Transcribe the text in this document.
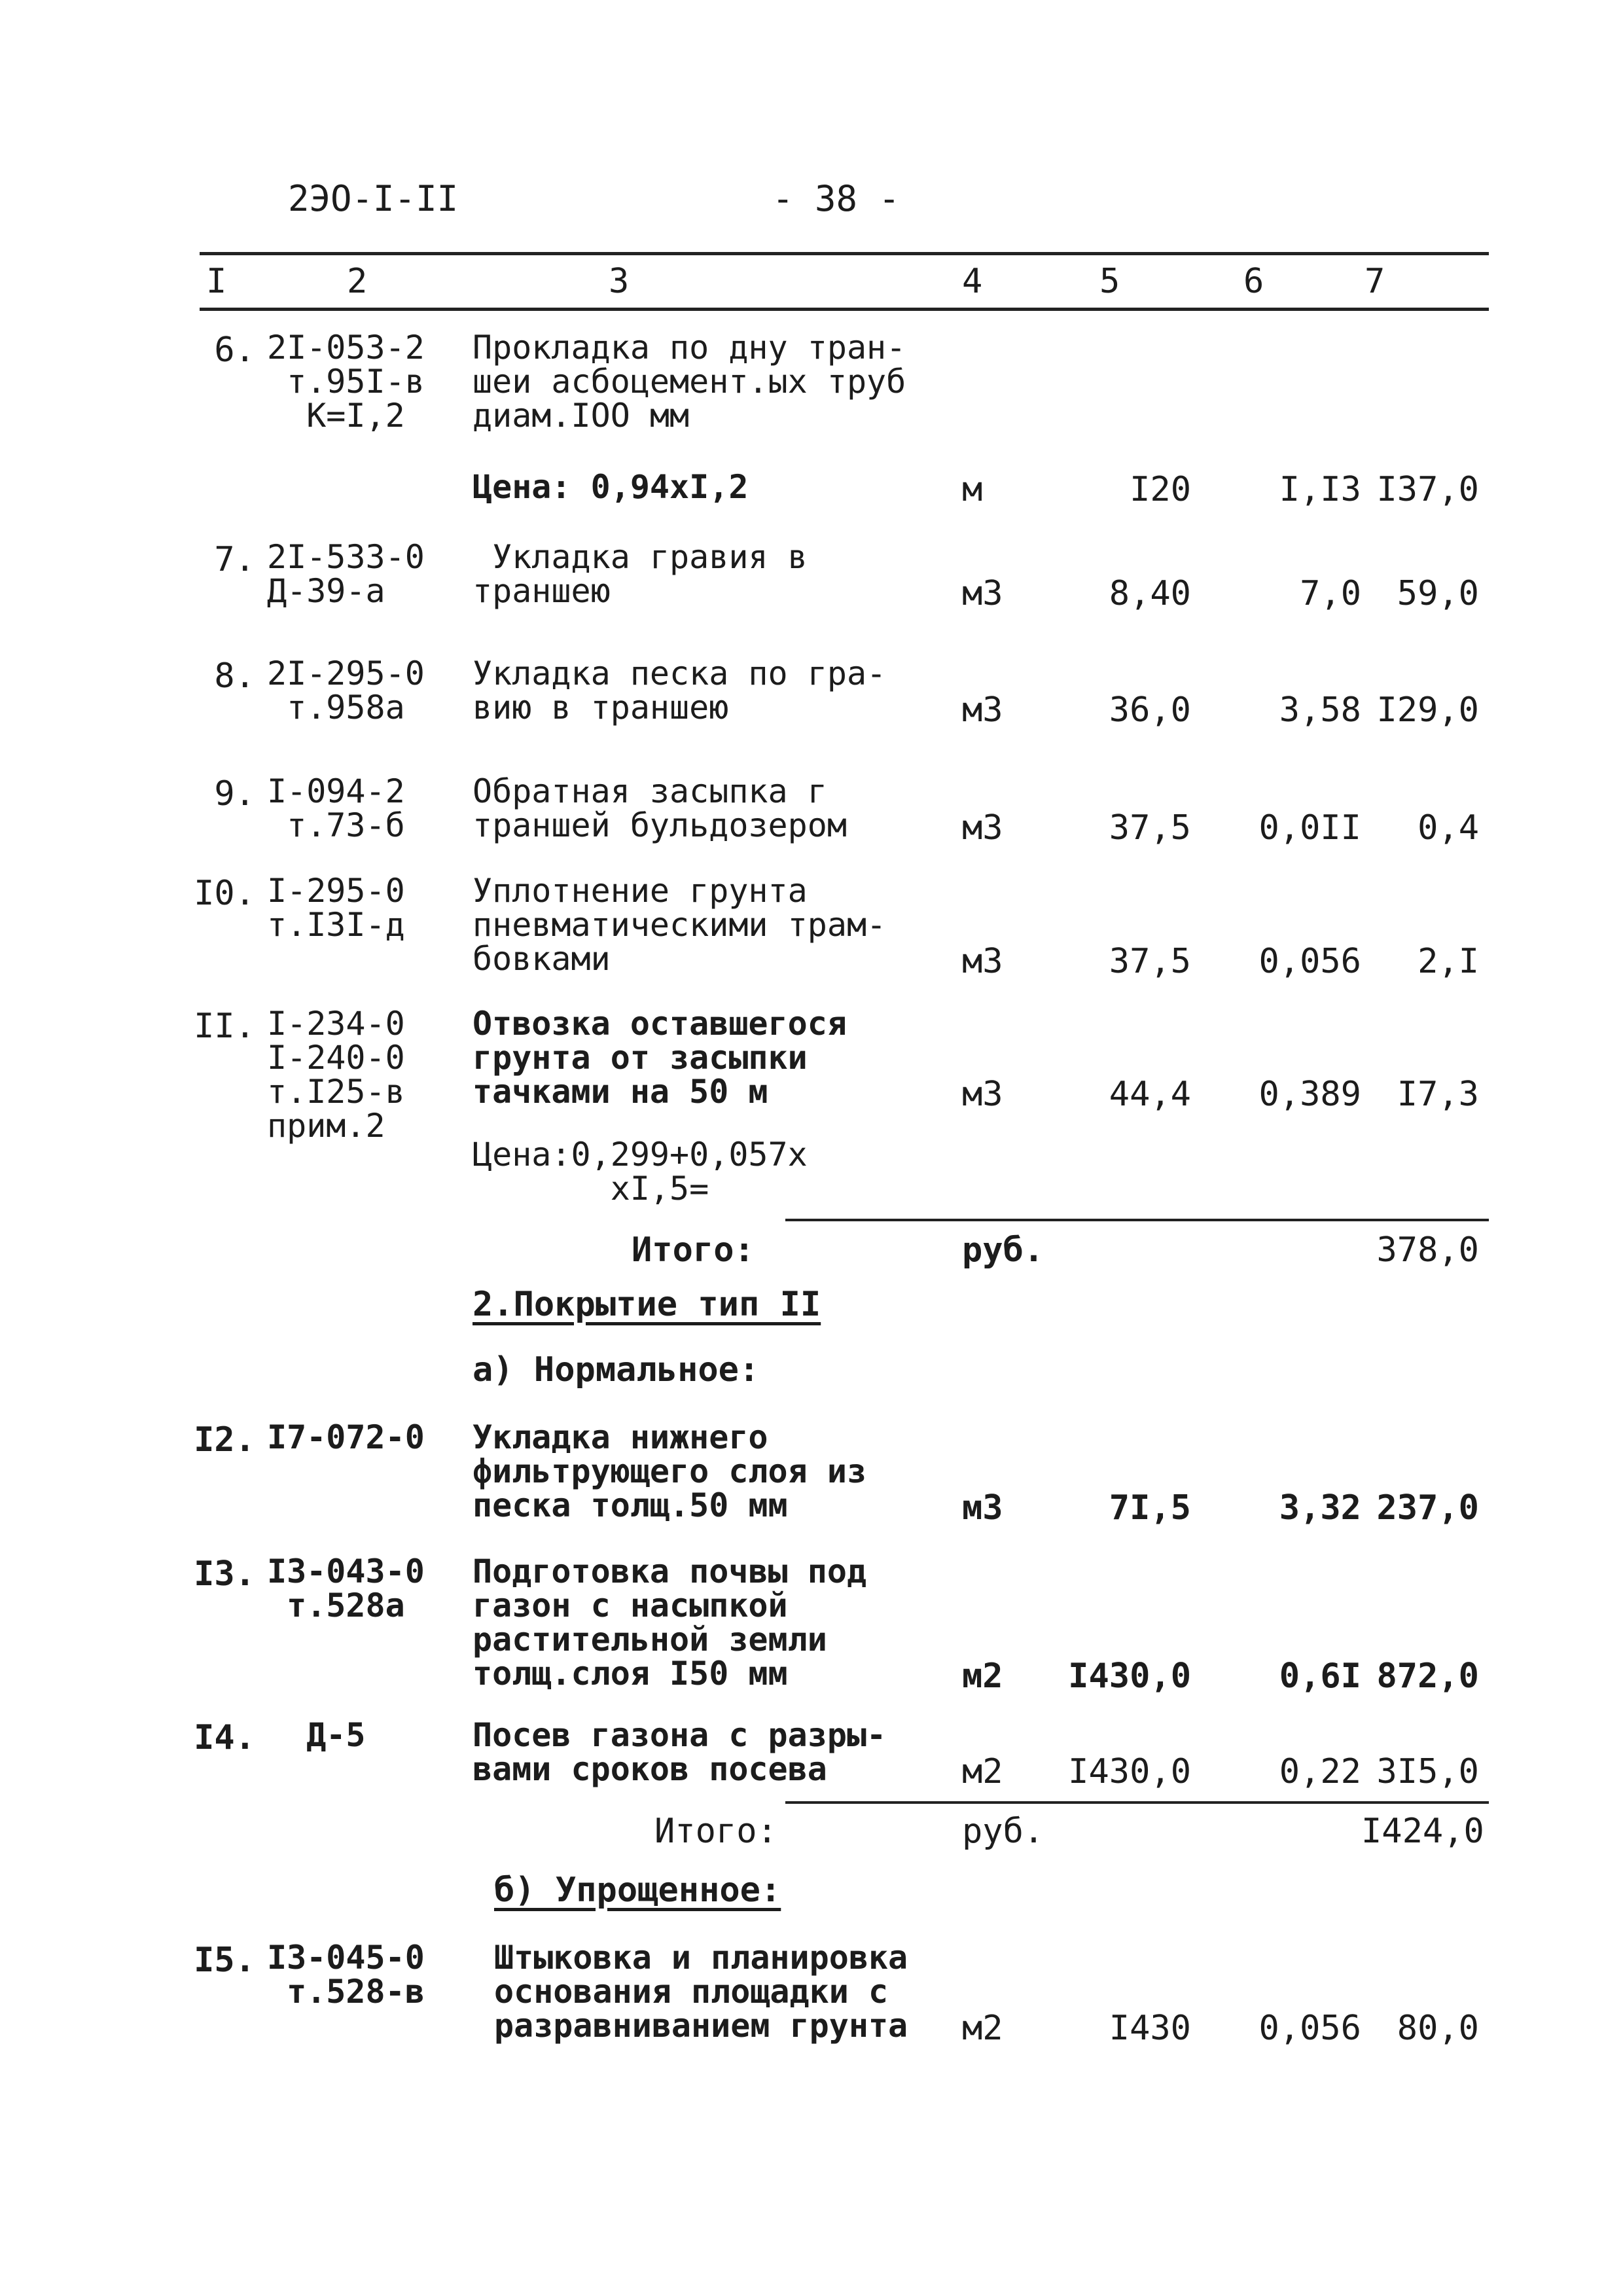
2ЭО-I-II	- 38 -
I	2	3	4	5	6	7
6. 2I-053-2
т.95I-в
К=I,2
Прокладка по дну тран-
шеи асбоцемент.ых труб
диам.IOO мм
Цена: 0,94xI,2	м	I20	I,I3 I37,0
7. 2I-533-0
Д-39-а
Укладка гравия в
траншею	м3	8,40	7,0	59,0
8. 2I-295-0
т.958а
Укладка песка по гра-
вию в траншею	м3	36,0	3,58 I29,0
9. I-094-2
т.73-б
Обратная засыпка г
траншей бульдозером	м3	37,5	0,0II	0,4
I0. I-295-0
т.I3I-д
Уплотнение грунта
пневматическими трам-
бовками	м3	37,5	0,056	2,I
II. I-234-0
I-240-0
т.I25-в
прим.2
Отвозка оставшегося
грунта от засыпки
тачками на 50 м	м3	44,4	0,389	I7,3
Цена:0,299+0,057x
xI,5=
Итого:	руб.	378,0
2.Покрытие тип II
а) Нормальное:
I2. I7-072-0 Укладка нижнего
фильтрующего слоя из
песка толщ.50 мм	м3	7I,5	3,32 237,0
I3. I3-043-0
т.528а
Подготовка почвы под
газон с насыпкой
растительной земли
толщ.слоя I50 мм	м2	I430,0	0,6I 872,0
I4. Д-5	Посев газона с разры-
вами сроков посева	м2	I430,0	0,22 3I5,0
Итого:	руб.	I424,0
б) Упрощенное:
I5. I3-045-0
т.528-в
Штыковка и планировка
основания площадки с
разравниванием грунта м2	I430	0,056	80,0
